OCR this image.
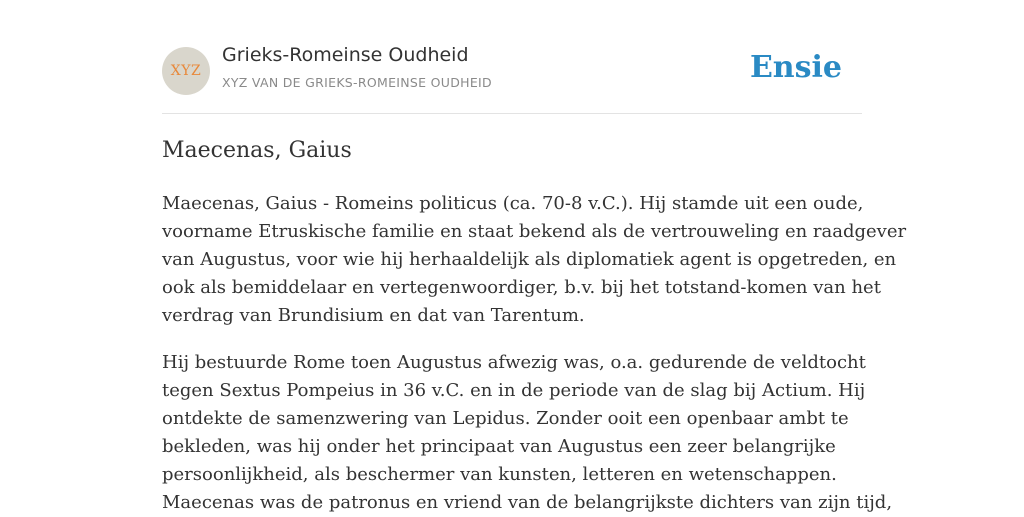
XYZ
Grieks-Romeinse Oudheid
XYZ VAN DE GRIEKS-ROMEINSE OUDHEID	Ensie
Maecenas, Gaius

Maecenas, Gaius - Romeins politicus (ca. 70-8 v.C.). Hij stamde uit een oude,
voorname Etruskische familie en staat bekend als de vertrouweling en raadgever
van Augustus, voor wie hij herhaaldelijk als diplomatiek agent is opgetreden, en
ook als bemiddelaar en vertegenwoordiger, b.v. bij het totstand-komen van het
verdrag van Brundisium en dat van Tarentum.

Hij bestuurde Rome toen Augustus afwezig was, o.a. gedurende de veldtocht
tegen Sextus Pompeius in 36 v.C. en in de periode van de slag bij Actium. Hij
ontdekte de samenzwering van Lepidus. Zonder ooit een openbaar ambt te
bekleden, was hij onder het principaat van Augustus een zeer belangrijke
persoonlijkheid, als beschermer van kunsten, letteren en wetenschappen.
Maecenas was de patronus en vriend van de belangrijkste dichters van zijn tijd,
